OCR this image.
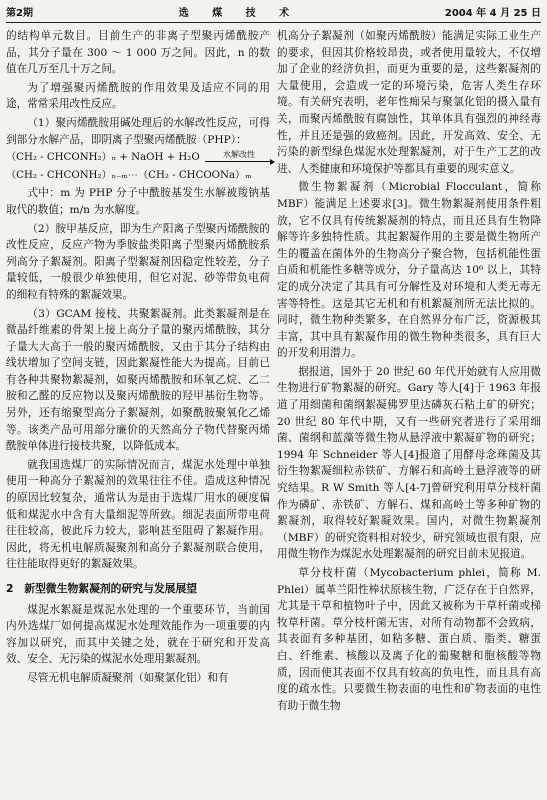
第2期	选 煤 技 术	2004 年 4 月 25 日

的结构单元数目。目前生产的非离子型聚丙烯酰胺产品，其分子量在 300 ～ 1 000 万之间。因此，n 的数值在几万至几十万之间。

为了增强聚丙烯酰胺的作用效果及适应不同的用途，常常采用改性反应。

（1）聚丙烯酰胺用碱处理后的水解改性反应，可得到部分水解产品，即阴离子型聚丙烯酰胺（PHP）：

（CH₂ - CHCONH₂）ₙ + NaOH + H₂O	水解改性
（CH₂ - CHCONH₂）ₙ₋ₘ⋯（CH₂ - CHCOONa）ₘ

式中：m 为 PHP 分子中酰胺基发生水解被羧钠基取代的数值；m/n 为水解度。

（2）胺甲基反应，即为生产阳离子型聚丙烯酰胺的改性反应，反应产物为季胺盐类阳离子型聚丙烯酰胺系列高分子絮凝剂。阳离子型絮凝剂因稳定性较差，分子量较低，一般很少单独使用，但它对泥、砂等带负电荷的细粒有特殊的絮凝效果。

（3）GCAM 接枝、共聚絮凝剂。此类絮凝剂是在微晶纤维素的骨架上接上高分子量的聚丙烯酰胺，其分子量大大高于一般的聚丙烯酰胺，又由于其分子结构由线状增加了空间支链，因此絮凝性能大为提高。目前已有各种共聚物絮凝剂，如聚丙烯酰胺和环氧乙烷、乙二胺和乙醛的反应物以及聚丙烯酰胺的羟甲基衍生物等。另外，还有缩聚型高分子絮凝剂，如聚酰胺聚氧化乙烯等。该类产品可用部分廉价的天然高分子物代替聚丙烯酰胺单体进行接枝共聚，以降低成本。

就我国选煤厂的实际情况而言，煤泥水处理中单独使用一种高分子絮凝剂的效果往往不佳。造成这种情况的原因比较复杂，通常认为是由于选煤厂用水的硬度偏低和煤泥水中含有大量细泥等所致。细泥表面所带电荷往往较高，彼此斥力较大，影响甚至阻碍了絮凝作用。因此，将无机电解质凝聚剂和高分子絮凝剂联合使用，往往能取得更好的絮凝效果。

2　新型微生物絮凝剂的研究与发展展望

煤泥水絮凝是煤泥水处理的一个重要环节，当前国内外选煤厂如何提高煤泥水处理效能作为一项重要的内容加以研究，而其中关键之处，就在于研究和开发高效、安全、无污染的煤泥水处理用絮凝剂。

尽管无机电解质凝聚剂（如聚氯化铝）和有

机高分子絮凝剂（如聚丙烯酰胺）能满足实际工业生产的要求，但因其价格较昂贵，或者使用量较大，不仅增加了企业的经济负担，而更为重要的是，这些絮凝剂的大量使用，会造成一定的环境污染，危害人类生存环境。有关研究表明，老年性痴呆与聚氯化铝的摄入量有关，而聚丙烯酰胺有腐蚀性，其单体具有强烈的神经毒性，并且还是强的致癌剂。因此，开发高效、安全、无污染的新型绿色煤泥水处理絮凝剂，对于生产工艺的改进、人类健康和环境保护等都具有重要的现实意义。

微生物絮凝剂（Microbial Flocculant，简称 MBF）能满足上述要求[3]。微生物絮凝剂使用条件粗放，它不仅具有传统絮凝剂的特点，而且还具有生物降解等许多独特性质。其起絮凝作用的主要是微生物所产生的覆盖在菌体外的生物高分子聚合物，包括机能性蛋白质和机能性多糖等成分，分子量高达 10⁶ 以上，其特定的成分决定了其具有可分解性及对环境和人类无毒无害等特性。这是其它无机和有机絮凝剂所无法比拟的。同时，微生物种类繁多，在自然界分布广泛，资源极其丰富，其中具有絮凝作用的微生物种类很多，具有巨大的开发利用潜力。

据报道，国外于 20 世纪 60 年代开始就有人应用微生物进行矿物絮凝的研究。Gary 等人[4]于 1963 年报道了用细菌和菌纲絮凝佛罗里达磷灰石粘土矿的研究；20 世纪 80 年代中期，又有一些研究者进行了采用细菌、菌纲和蓝藻等微生物从悬浮液中絮凝矿物的研究；1994 年 Schneider 等人[4]报道了用酵母念珠菌及其衍生物絮凝细粒赤铁矿、方解石和高岭土悬浮液等的研究结果。R W Smith 等人[4-7]曾研究利用草分枝杆菌作为磷矿、赤铁矿、方解石、煤和高岭土等多种矿物的絮凝剂，取得较好絮凝效果。国内，对微生物絮凝剂（MBF）的研究资料相对较少，研究领域也很有限，应用微生物作为煤泥水处理絮凝剂的研究目前未见报道。

草分枝杆菌（Mycobacterium phlei，简称 M. Phlei）属革兰阳性棒状原核生物，广泛存在于自然界，尤其是干草和植物叶子中，因此又被称为干草杆菌或梯牧草杆菌。草分枝杆菌无害，对所有动物都不会致病，其表面有多种基团，如粘多糖、蛋白质、脂类、糖蛋白、纤维素、核酸以及离子化的葡聚糖和胞核酸等物质，因而使其表面不仅具有较高的负电性，而且具有高度的疏水性。只要微生物表面的电性和矿物表面的电性有助于微生物
